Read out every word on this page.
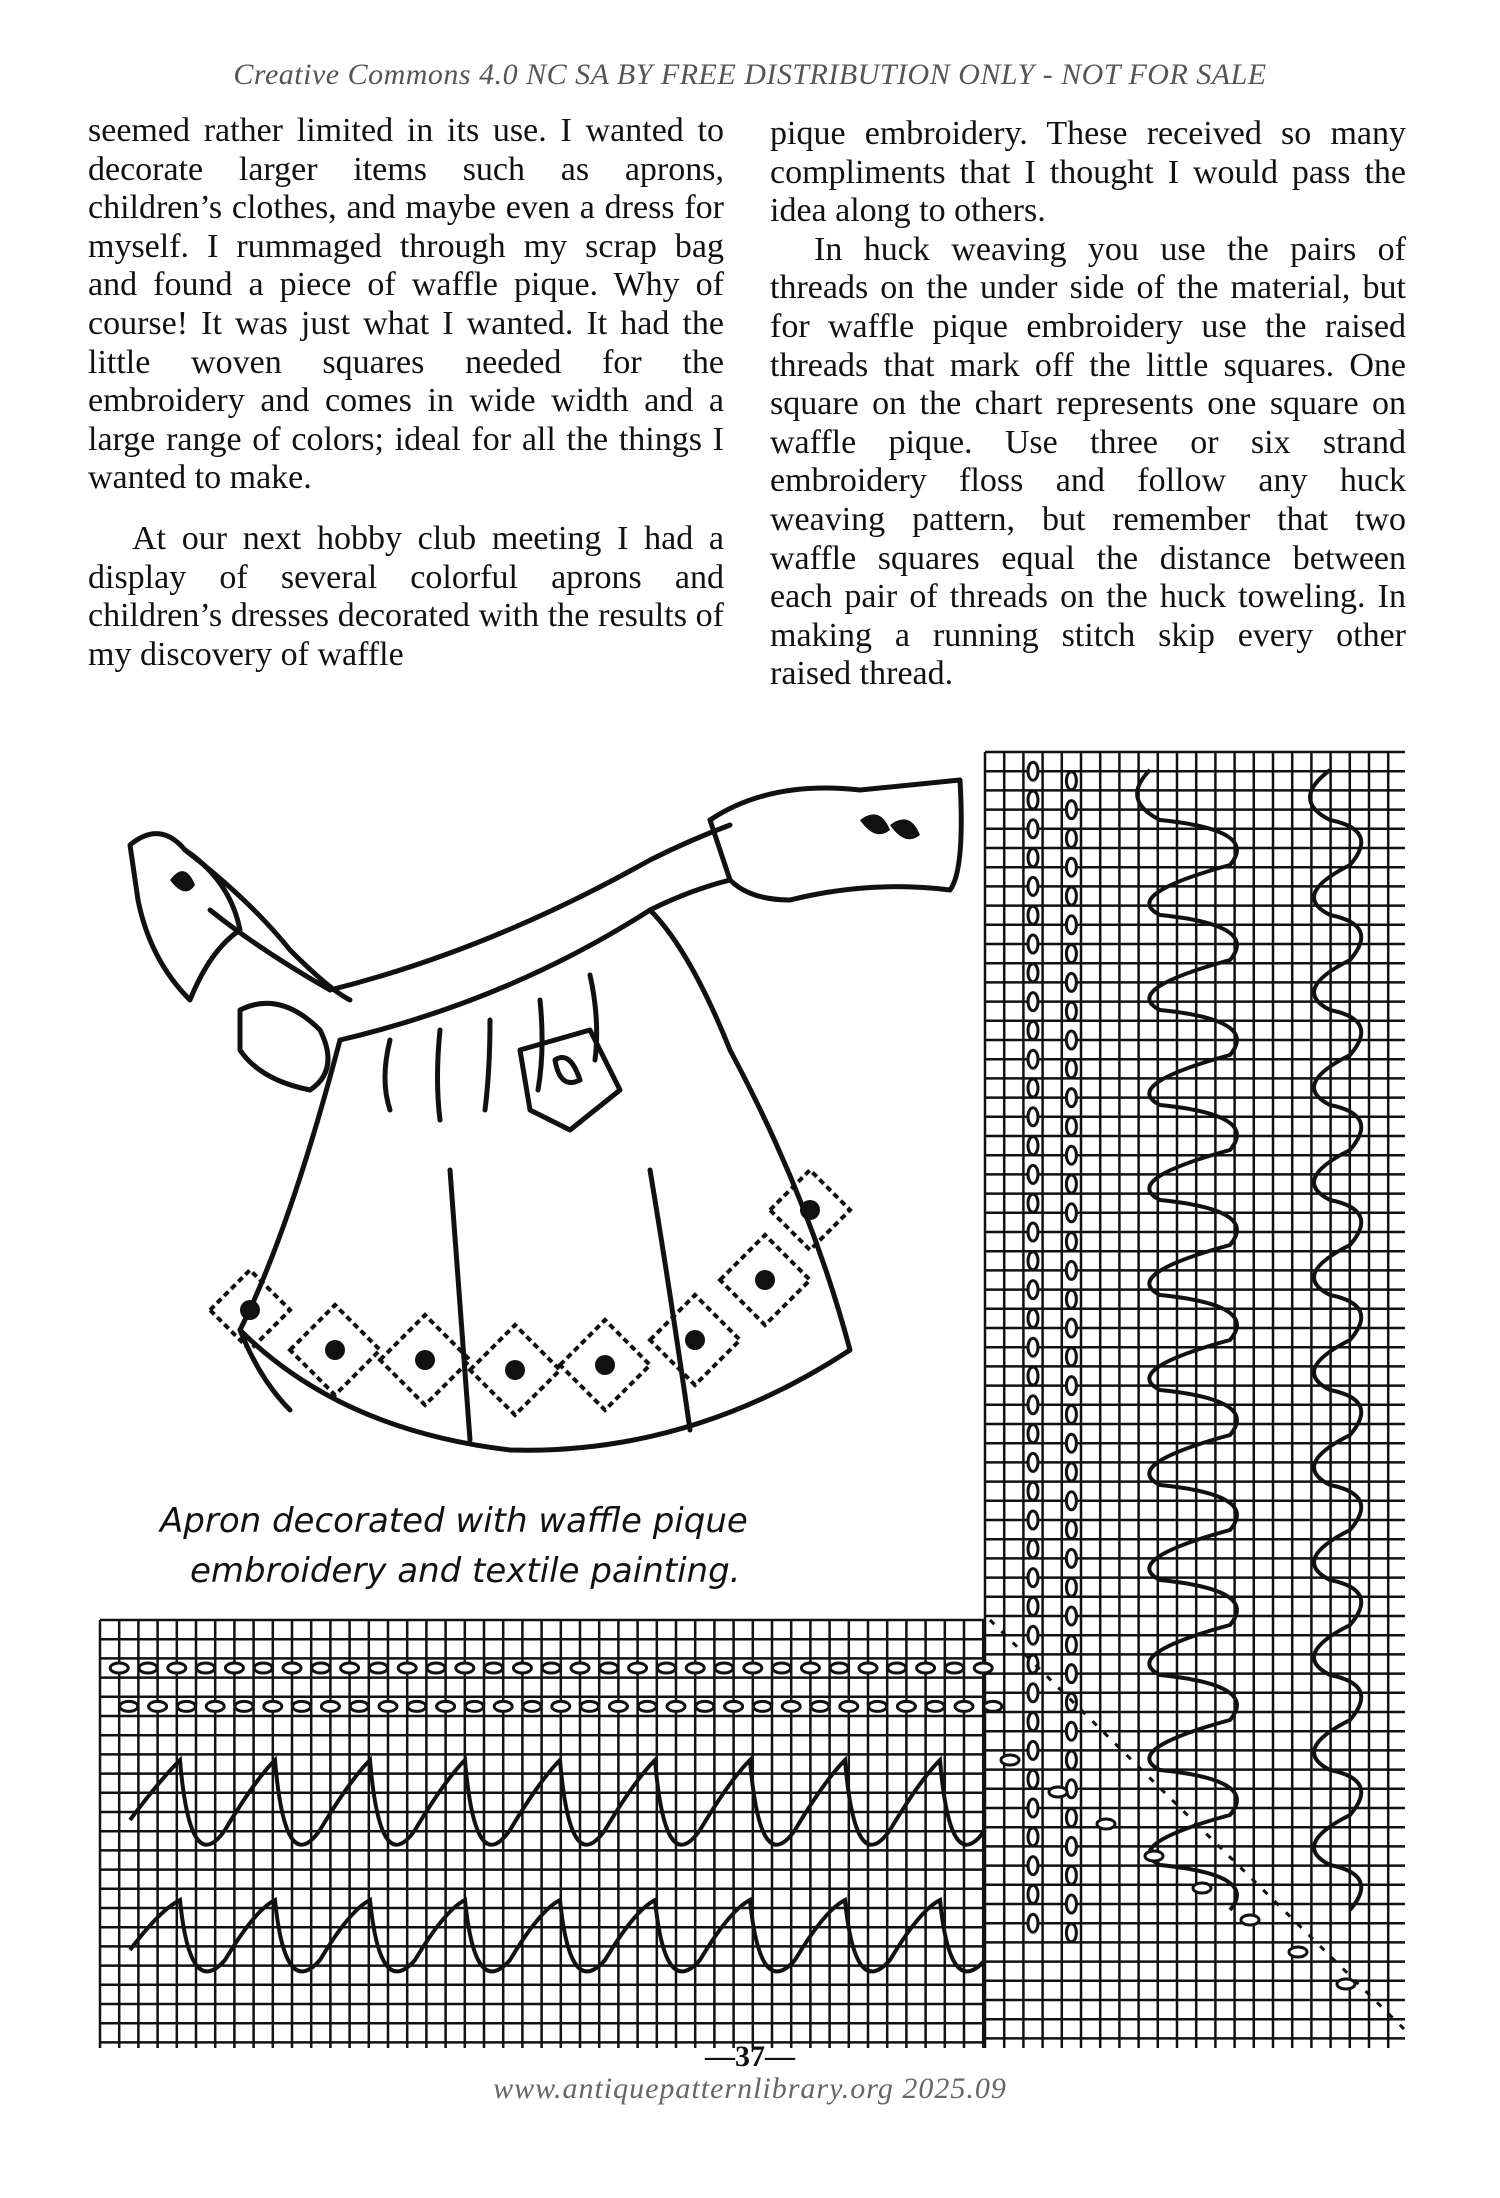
Creative Commons 4.0 NC SA BY FREE DISTRIBUTION ONLY - NOT FOR SALE

seemed rather limited in its use. I wanted to decorate larger items such as aprons, children’s clothes, and maybe even a dress for myself. I rummaged through my scrap bag and found a piece of waffle pique. Why of course! It was just what I wanted. It had the little woven squares needed for the embroidery and comes in wide width and a large range of colors; ideal for all the things I wanted to make.

At our next hobby club meeting I had a display of several colorful aprons and children’s dresses decorated with the results of my discovery of waffle

pique embroidery. These received so many compliments that I thought I would pass the idea along to others.

In huck weaving you use the pairs of threads on the under side of the material, but for waffle pique embroidery use the raised threads that mark off the little squares. One square on the chart represents one square on waffle pique. Use three or six strand embroidery floss and follow any huck weaving pattern, but remember that two waffle squares equal the distance between each pair of threads on the huck toweling. In making a running stitch skip every other raised thread.

Apron decorated with waffle pique
embroidery and textile painting.
—37—
www.antiquepatternlibrary.org 2025.09
